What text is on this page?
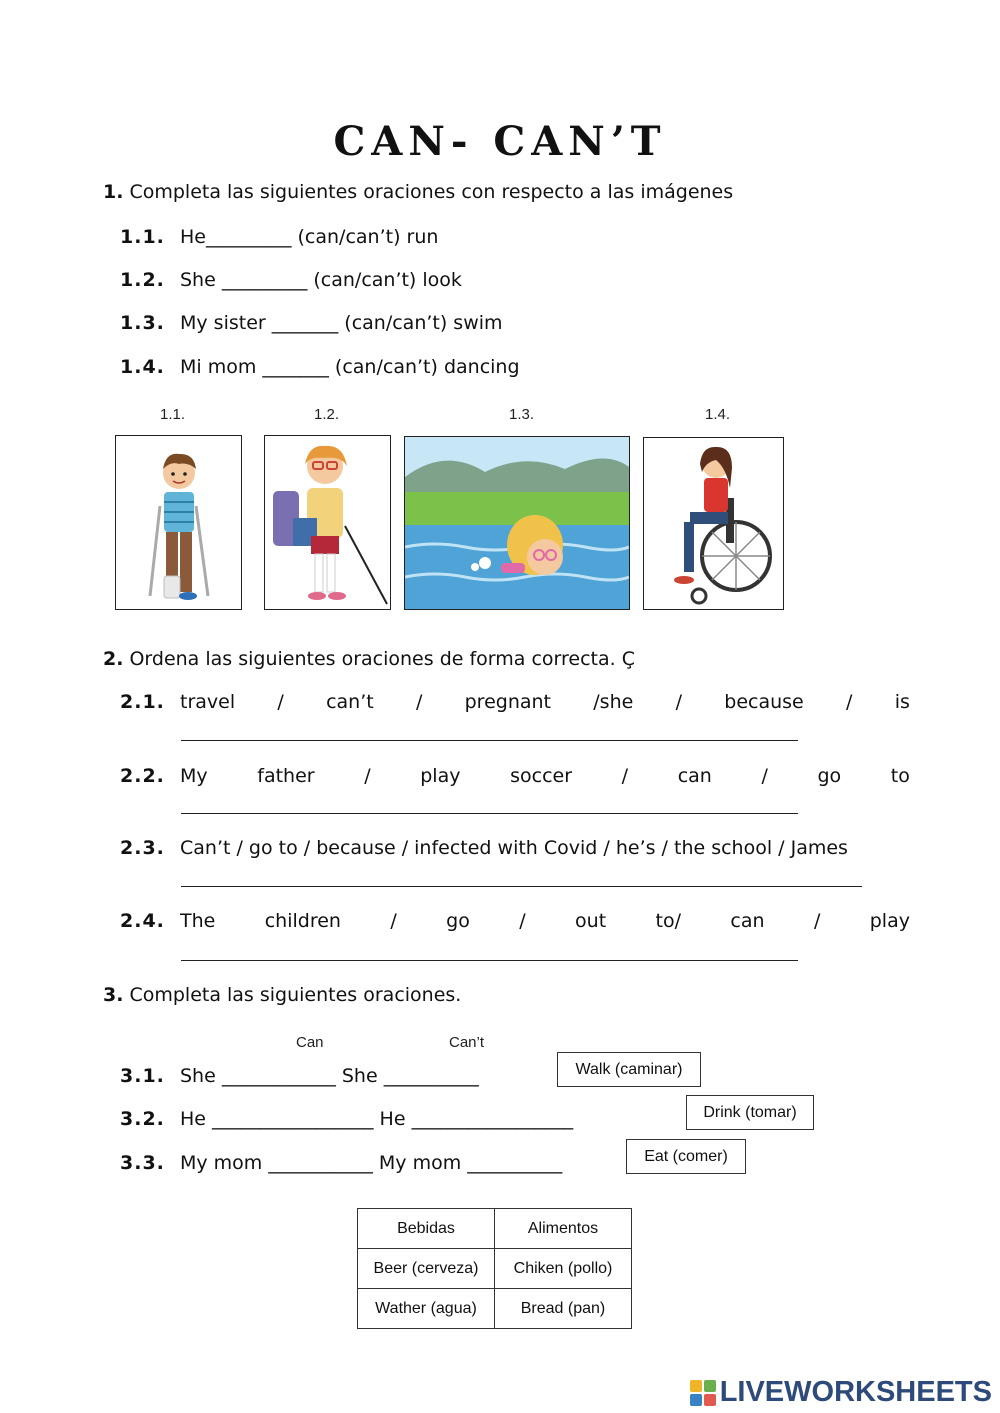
CAN- CAN’T
1. Completa las siguientes oraciones con respecto a las imágenes
1.1. He_________ (can/can’t) run
1.2. She _________ (can/can’t) look
1.3. My sister _______ (can/can’t) swim
1.4. Mi mom _______ (can/can’t) dancing
1.1.	1.2.	1.3.	1.4.
2. Ordena las siguientes oraciones de forma correcta. Ç
2.1. travel / can’t / pregnant /she / because / is
2.2. My	father	/	play	soccer	/	can	/	go	to
2.3. Can’t / go to / because / infected with Covid / he’s / the school / James
2.4. The	children	/	go	/	out	to/	can	/	play
3. Completa las siguientes oraciones.
Can	Can’t
3.1. She ____________ She __________	Walk (caminar)
3.2. He _________________ He _________________	Drink (tomar)
3.3. My mom ___________ My mom __________	Eat (comer)
Bebidas	Alimentos
Beer (cerveza)	Chiken (pollo)
Wather (agua)	Bread (pan)
LIVEWORKSHEETS
